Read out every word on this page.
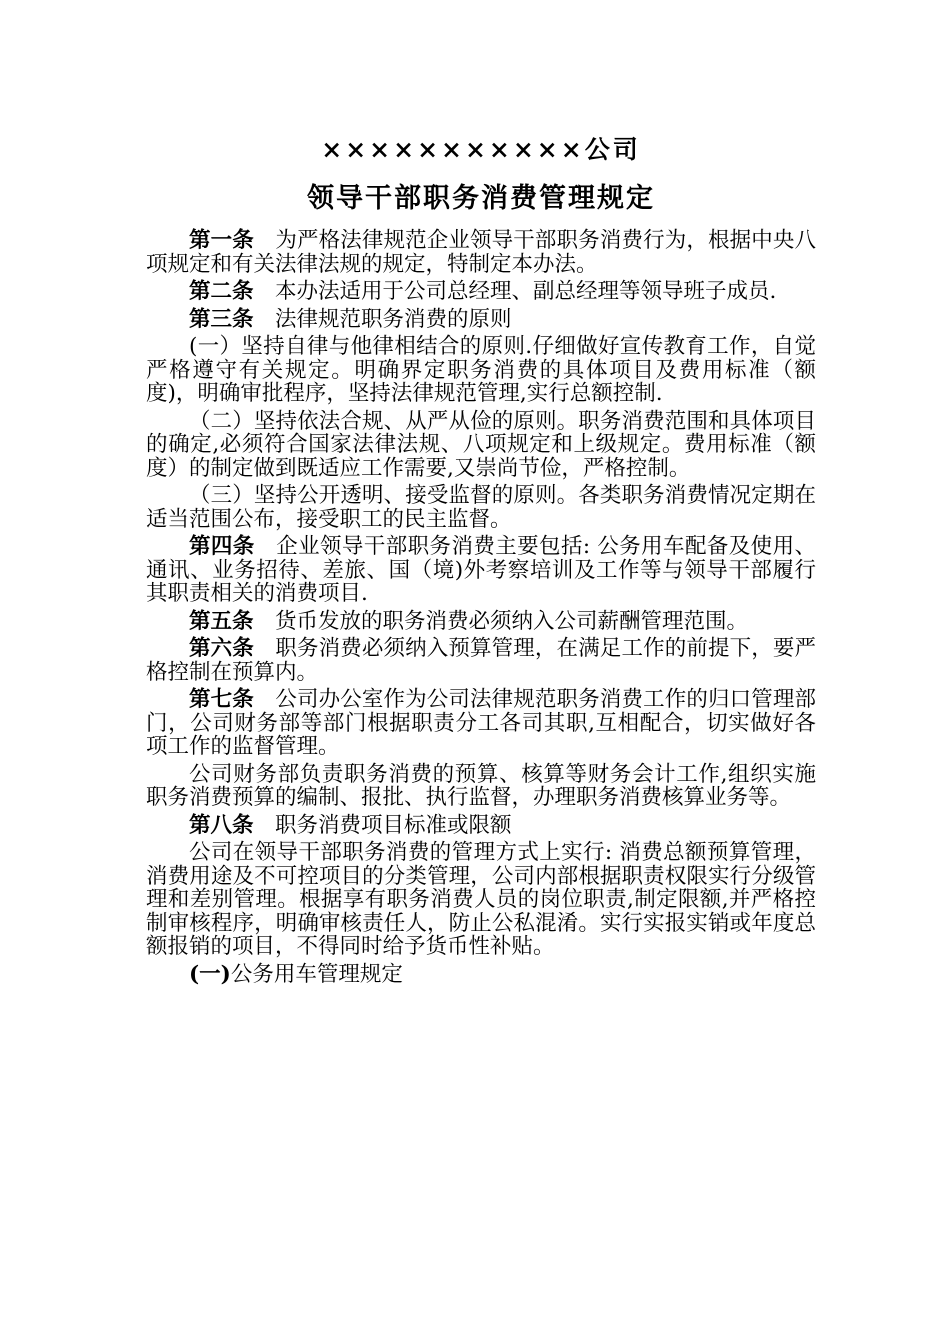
×××××××××××公司
领导干部职务消费管理规定

第一条 为严格法律规范企业领导干部职务消费行为，根据中央八项规定和有关法律法规的规定，特制定本办法。

第二条 本办法适用于公司总经理、副总经理等领导班子成员.

第三条 法律规范职务消费的原则

(一）坚持自律与他律相结合的原则.仔细做好宣传教育工作，自觉严格遵守有关规定。明确界定职务消费的具体项目及费用标准（额度)，明确审批程序，坚持法律规范管理,实行总额控制.

（二）坚持依法合规、从严从俭的原则。职务消费范围和具体项目的确定,必须符合国家法律法规、八项规定和上级规定。费用标准（额度）的制定做到既适应工作需要,又崇尚节俭，严格控制。

（三）坚持公开透明、接受监督的原则。各类职务消费情况定期在适当范围公布，接受职工的民主监督。

第四条 企业领导干部职务消费主要包括: 公务用车配备及使用、通讯、业务招待、差旅、国（境)外考察培训及工作等与领导干部履行其职责相关的消费项目.

第五条 货币发放的职务消费必须纳入公司薪酬管理范围。

第六条 职务消费必须纳入预算管理，在满足工作的前提下，要严格控制在预算内。

第七条 公司办公室作为公司法律规范职务消费工作的归口管理部门，公司财务部等部门根据职责分工各司其职,互相配合，切实做好各项工作的监督管理。

公司财务部负责职务消费的预算、核算等财务会计工作,组织实施职务消费预算的编制、报批、执行监督，办理职务消费核算业务等。

第八条 职务消费项目标准或限额

公司在领导干部职务消费的管理方式上实行: 消费总额预算管理，消费用途及不可控项目的分类管理，公司内部根据职责权限实行分级管理和差别管理。根据享有职务消费人员的岗位职责,制定限额,并严格控制审核程序，明确审核责任人，防止公私混淆。实行实报实销或年度总额报销的项目，不得同时给予货币性补贴。

(一)公务用车管理规定
